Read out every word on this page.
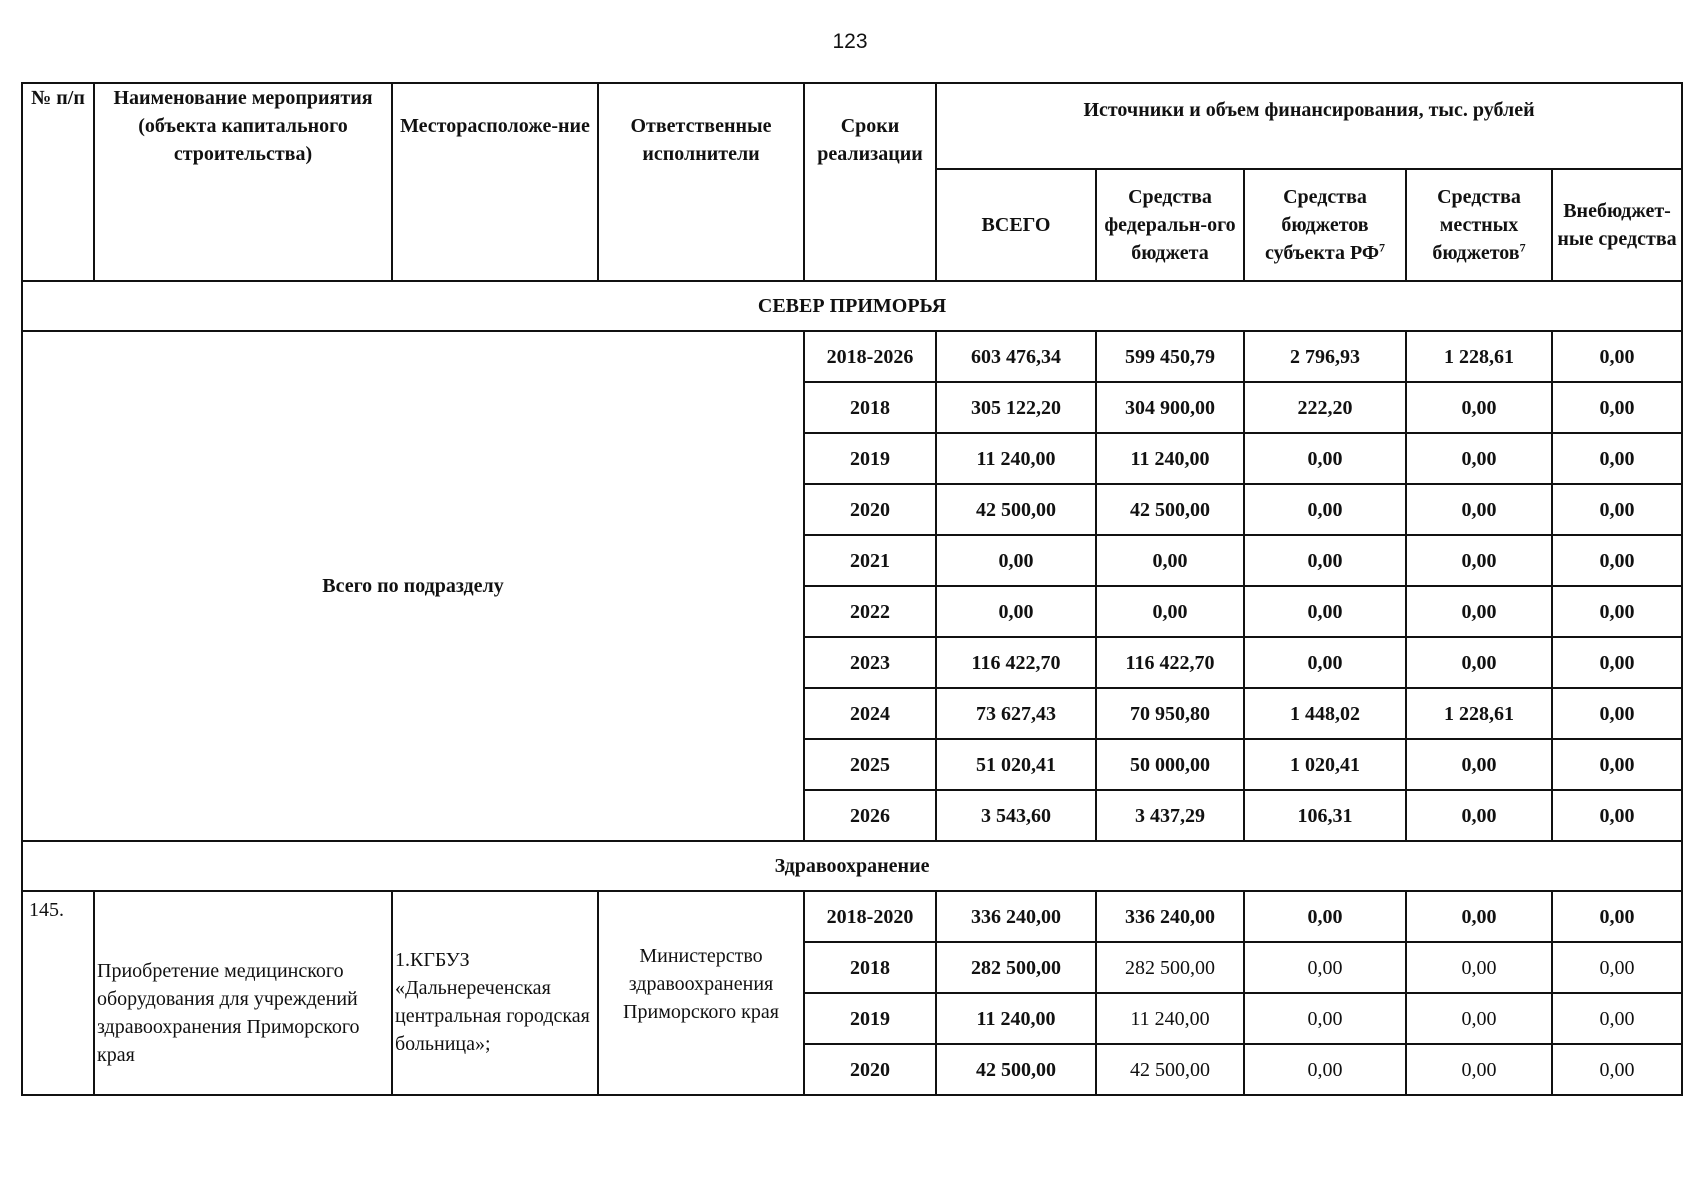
123
№ п/п	Наименование мероприятия (объекта капитального строительства)	Месторасположе-ние	Ответственные исполнители	Сроки реализации	Источники и объем финансирования, тыс. рублей				
					ВСЕГО	Средства федеральн-ого бюджета	Средства бюджетов субъекта $РФ^7$	Средства местных бюджетов$^7$	Внебюджет-ные средства
СЕВЕР ПРИМОРЬЯ									
Всего по подразделу				2018-2026	603 476,34	599 450,79	2 796,93	1 228,61	0,00
				2018	305 122,20	304 900,00	222,20	0,00	0,00
				2019	11 240,00	11 240,00	0,00	0,00	0,00
				2020	42 500,00	42 500,00	0,00	0,00	0,00
				2021	0,00	0,00	0,00	0,00	0,00
				2022	0,00	0,00	0,00	0,00	0,00
				2023	116 422,70	116 422,70	0,00	0,00	0,00
				2024	73 627,43	70 950,80	1 448,02	1 228,61	0,00
				2025	51 020,41	50 000,00	1 020,41	0,00	0,00
				2026	3 543,60	3 437,29	106,31	0,00	0,00
Здравоохранение									
145.	Приобретение медицинского оборудования для учреждений здравоохранения Приморского края	1.КГБУЗ «Дальнереченская центральная городская больница»;	Министерство здравоохранения Приморского края	2018-2020	336 240,00	336 240,00	0,00	0,00	0,00
				2018	282 500,00	282 500,00	0,00	0,00	0,00
				2019	11 240,00	11 240,00	0,00	0,00	0,00
				2020	42 500,00	42 500,00	0,00	0,00	0,00
